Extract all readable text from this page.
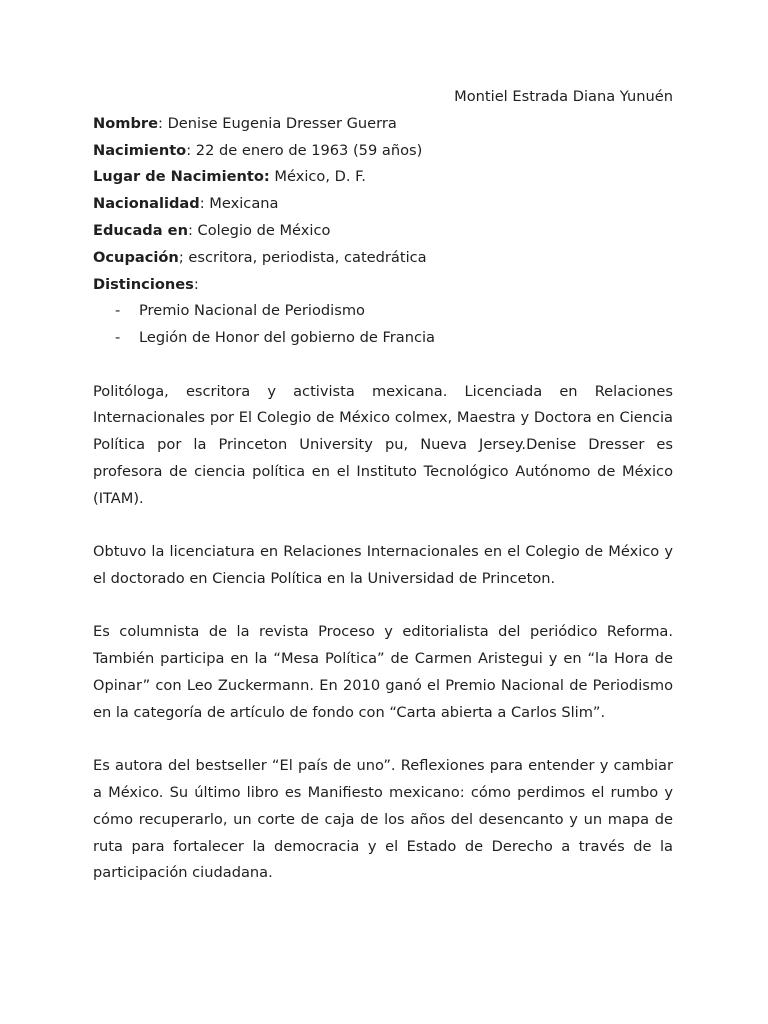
Montiel Estrada Diana Yunuén

Nombre: Denise Eugenia Dresser Guerra

Nacimiento: 22 de enero de 1963 (59 años)

Lugar de Nacimiento: México, D. F.

Nacionalidad: Mexicana

Educada en: Colegio de México

Ocupación; escritora, periodista, catedrática

Distinciones:

- Premio Nacional de Periodismo
- Legión de Honor del gobierno de Francia

Politóloga, escritora y activista mexicana. Licenciada en Relaciones Internacionales por El Colegio de México colmex, Maestra y Doctora en Ciencia Política por la Princeton University pu, Nueva Jersey.Denise Dresser es profesora de ciencia política en el Instituto Tecnológico Autónomo de México (ITAM).

Obtuvo la licenciatura en Relaciones Internacionales en el Colegio de México y el doctorado en Ciencia Política en la Universidad de Princeton.

Es columnista de la revista Proceso y editorialista del periódico Reforma. También participa en la “Mesa Política” de Carmen Aristegui y en “la Hora de Opinar” con Leo Zuckermann. En 2010 ganó el Premio Nacional de Periodismo en la categoría de artículo de fondo con “Carta abierta a Carlos Slim”.

Es autora del bestseller “El país de uno”. Reflexiones para entender y cambiar a México. Su último libro es Manifiesto mexicano: cómo perdimos el rumbo y cómo recuperarlo, un corte de caja de los años del desencanto y un mapa de ruta para fortalecer la democracia y el Estado de Derecho a través de la participación ciudadana.
